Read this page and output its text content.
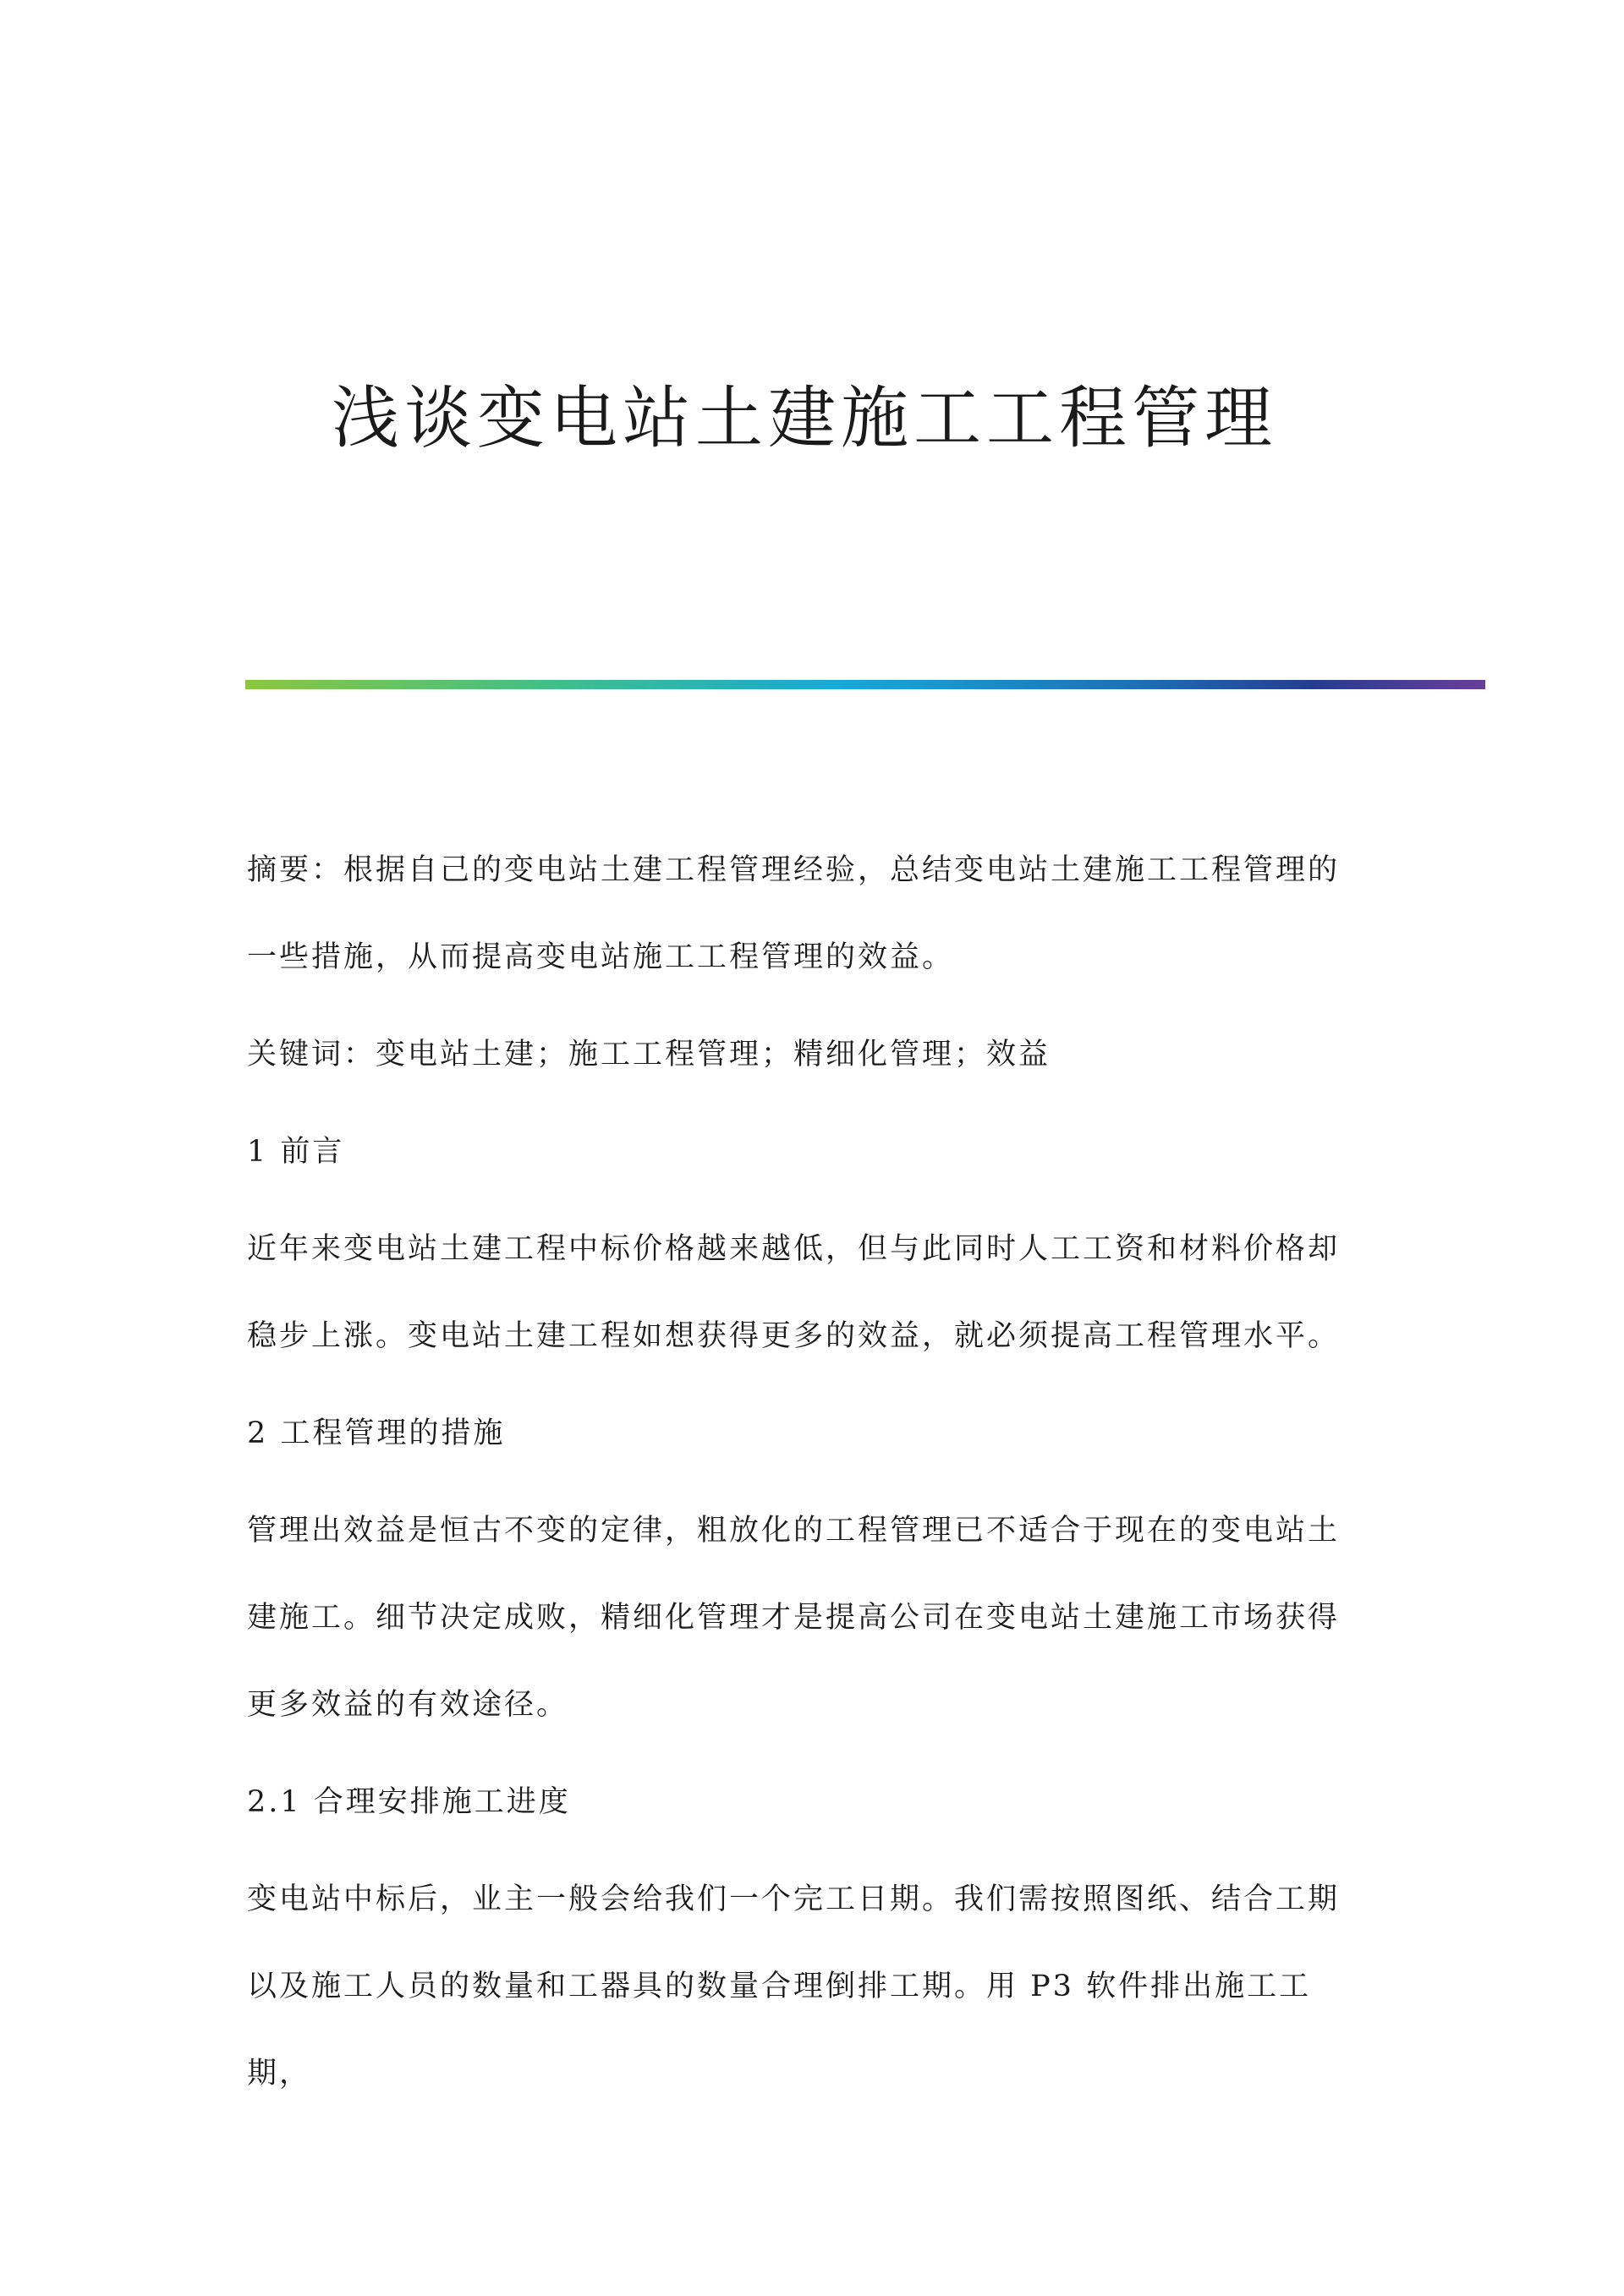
浅谈变电站土建施工工程管理

摘要：根据自己的变电站土建工程管理经验，总结变电站土建施工工程管理的一些措施，从而提高变电站施工工程管理的效益。

关键词：变电站土建；施工工程管理；精细化管理；效益

1 前言

近年来变电站土建工程中标价格越来越低，但与此同时人工工资和材料价格却稳步上涨。变电站土建工程如想获得更多的效益，就必须提高工程管理水平。

2 工程管理的措施

管理出效益是恒古不变的定律，粗放化的工程管理已不适合于现在的变电站土建施工。细节决定成败，精细化管理才是提高公司在变电站土建施工市场获得更多效益的有效途径。

2.1 合理安排施工进度

变电站中标后，业主一般会给我们一个完工日期。我们需按照图纸、结合工期以及施工人员的数量和工器具的数量合理倒排工期。用 P3 软件排出施工工期，
